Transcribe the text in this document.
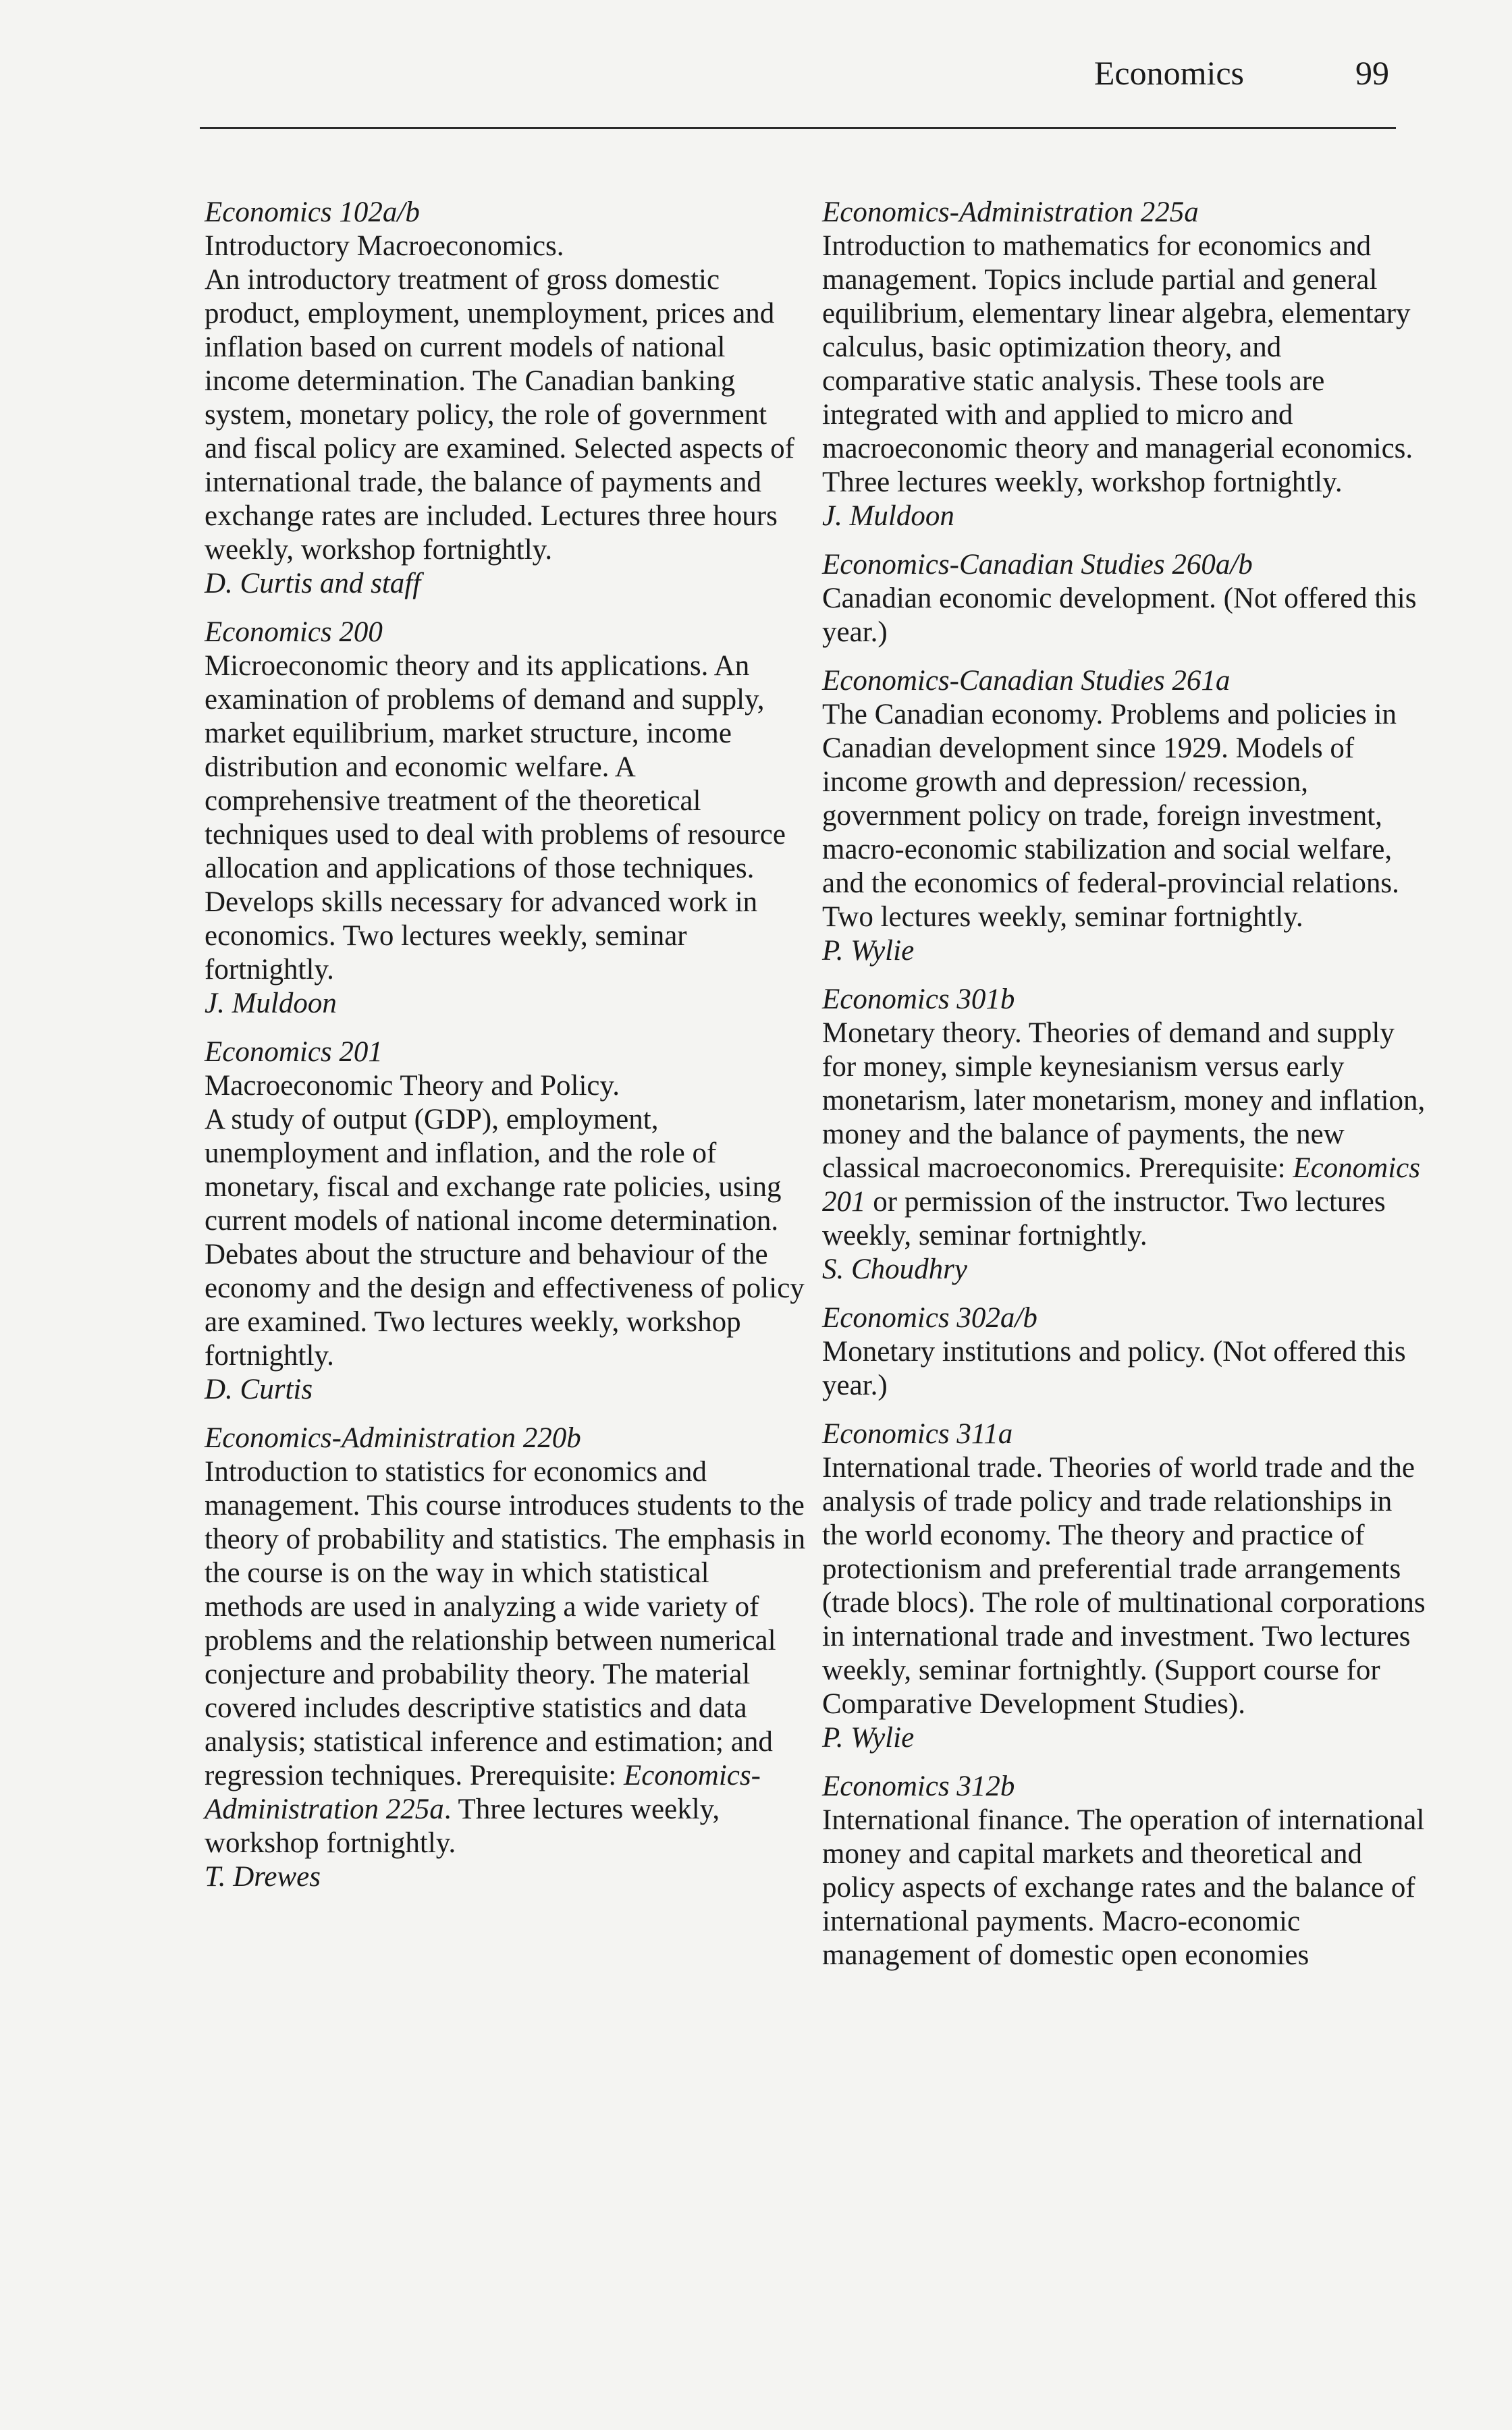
Economics	99
Economics 102a/b
Introductory Macroeconomics.
An introductory treatment of gross domestic product, employment, unemployment, prices and inflation based on current models of national income determination. The Canadian banking system, monetary policy, the role of government and fiscal policy are examined. Selected aspects of international trade, the balance of payments and exchange rates are included. Lectures three hours weekly, workshop fortnightly.
D. Curtis and staff
Economics 200
Microeconomic theory and its applications. An examination of problems of demand and supply, market equilibrium, market structure, income distribution and economic welfare. A comprehensive treatment of the theoretical techniques used to deal with problems of resource allocation and applications of those techniques. Develops skills necessary for advanced work in economics. Two lectures weekly, seminar fortnightly.
J. Muldoon
Economics 201
Macroeconomic Theory and Policy.
A study of output (GDP), employment, unemployment and inflation, and the role of monetary, fiscal and exchange rate policies, using current models of national income determination. Debates about the structure and behaviour of the economy and the design and effectiveness of policy are examined. Two lectures weekly, workshop fortnightly.
D. Curtis
Economics-Administration 220b
Introduction to statistics for economics and management. This course introduces students to the theory of probability and statistics. The emphasis in the course is on the way in which statistical methods are used in analyzing a wide variety of problems and the relationship between numerical conjecture and probability theory. The material covered includes descriptive statistics and data analysis; statistical inference and estimation; and regression techniques. Prerequisite: Economics-Administration 225a. Three lectures weekly, workshop fortnightly.
T. Drewes
Economics-Administration 225a
Introduction to mathematics for economics and management. Topics include partial and general equilibrium, elementary linear algebra, elementary calculus, basic optimization theory, and comparative static analysis. These tools are integrated with and applied to micro and macroeconomic theory and managerial economics. Three lectures weekly, workshop fortnightly.
J. Muldoon
Economics-Canadian Studies 260a/b
Canadian economic development. (Not offered this year.)
Economics-Canadian Studies 261a
The Canadian economy. Problems and policies in Canadian development since 1929. Models of income growth and depression/ recession, government policy on trade, foreign investment, macro-economic stabilization and social welfare, and the economics of federal-provincial relations. Two lectures weekly, seminar fortnightly.
P. Wylie
Economics 301b
Monetary theory. Theories of demand and supply for money, simple keynesianism versus early monetarism, later monetarism, money and inflation, money and the balance of payments, the new classical macroeconomics. Prerequisite: Economics 201 or permission of the instructor. Two lectures weekly, seminar fortnightly.
S. Choudhry
Economics 302a/b
Monetary institutions and policy. (Not offered this year.)
Economics 311a
International trade. Theories of world trade and the analysis of trade policy and trade relationships in the world economy. The theory and practice of protectionism and preferential trade arrangements (trade blocs). The role of multinational corporations in international trade and investment. Two lectures weekly, seminar fortnightly. (Support course for Comparative Development Studies).
P. Wylie
Economics 312b
International finance. The operation of international money and capital markets and theoretical and policy aspects of exchange rates and the balance of international payments. Macro-economic management of domestic open economies
